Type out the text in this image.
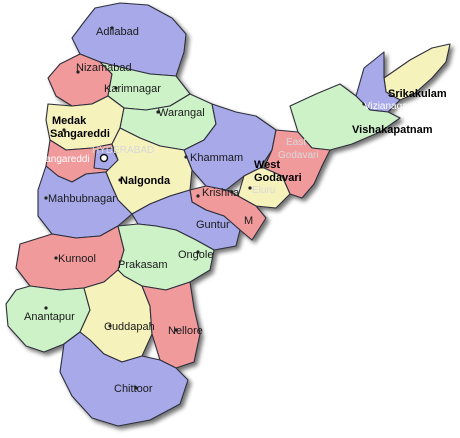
Adilabad
Nizamabad
Karimnagar
Medak
Sangareddi
Warangal
HYDERABAD
Rangareddi
Nalgonda
Khammam
Mahbubnagar
Srikakulam
Vizianagaram
Vishakapatnam
East
Godavari
West
Godavari
Eluru
Krishna
Guntur M
Kurnool Prakasam
Ongole
Anantapur
Cuddapah Nellore
Chittoor
